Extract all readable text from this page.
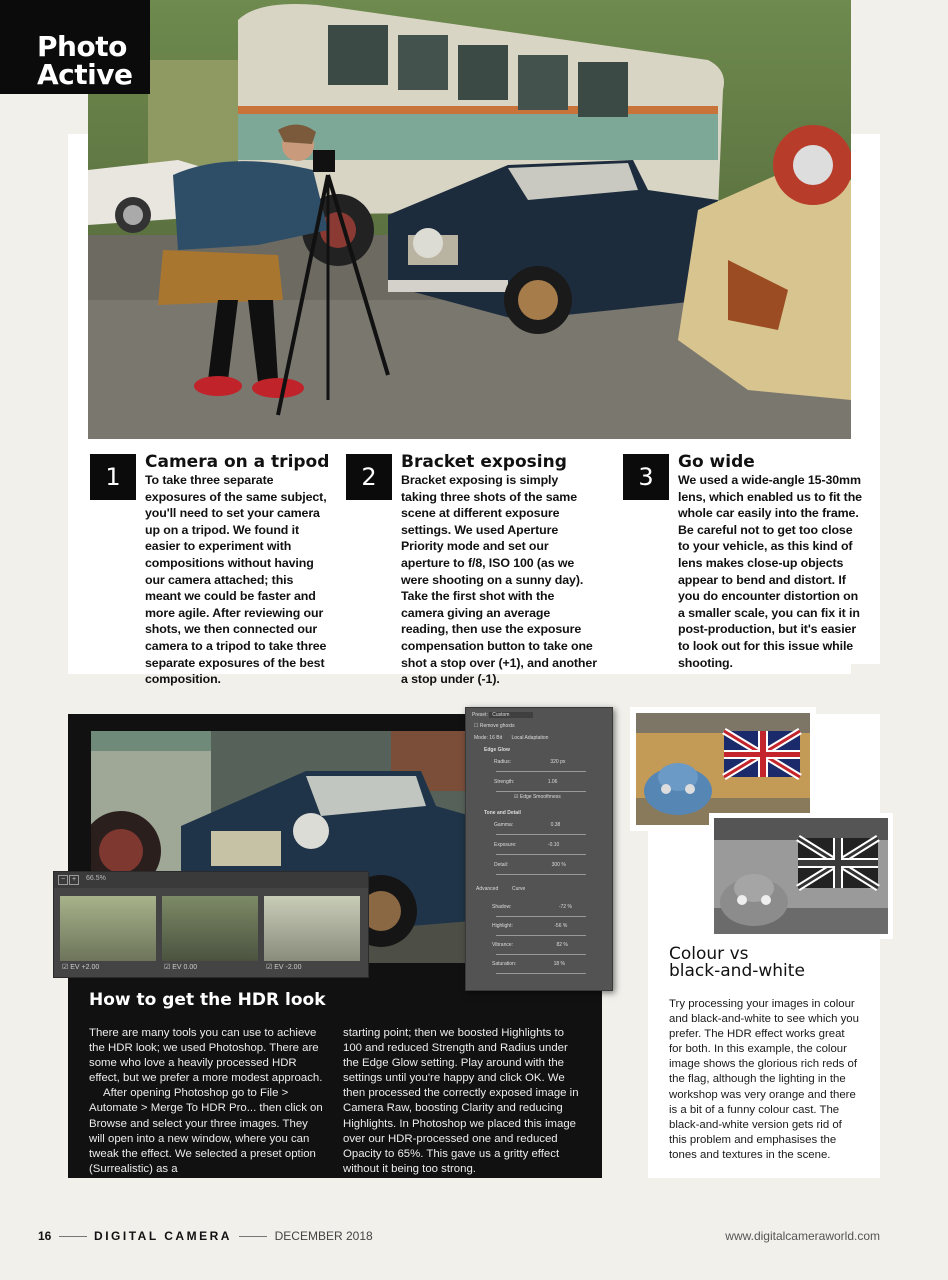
Photo
Active
1
Camera on a tripod
To take three separate exposures of the same subject, you'll need to set your camera up on a tripod. We found it easier to experiment with compositions without having our camera attached; this meant we could be faster and more agile. After reviewing our shots, we then connected our camera to a tripod to take three separate exposures of the best composition.
2
Bracket exposing
Bracket exposing is simply taking three shots of the same scene at different exposure settings. We used Aperture Priority mode and set our aperture to f/8, ISO 100 (as we were shooting on a sunny day). Take the first shot with the camera giving an average reading, then use the exposure compensation button to take one shot a stop over (+1), and another a stop under (-1).
3
Go wide
We used a wide-angle 15-30mm lens, which enabled us to fit the whole car easily into the frame. Be careful not to get too close to your vehicle, as this kind of lens makes close-up objects appear to bend and distort. If you do encounter distortion on a smaller scale, you can fix it in post-production, but it's easier to look out for this issue while shooting.
Preset: Custom
☐ Remove ghosts
Mode: 16 Bit Local Adaptation
Edge Glow
Radius:	320 px
Strength:	1.06
☑ Edge Smoothness
Tone and Detail
Gamma:	0.38
Exposure:	-0.10
Detail:	300 %
Advanced	Curve
Shadow:	-72 %
Highlight:	-56 %
Vibrance:	82 %
Saturation:	18 %
− +	66.5%
☑ EV +2.00	☑ EV 0.00	☑ EV -2.00
How to get the HDR look
There are many tools you can use to achieve the HDR look; we used Photoshop. There are some who love a heavily processed HDR effect, but we prefer a more modest approach.
After opening Photoshop go to File > Automate > Merge To HDR Pro... then click on Browse and select your three images. They will open into a new window, where you can tweak the effect. We selected a preset option (Surrealistic) as a
starting point; then we boosted Highlights to 100 and reduced Strength and Radius under the Edge Glow setting. Play around with the settings until you're happy and click OK. We then processed the correctly exposed image in Camera Raw, boosting Clarity and reducing Highlights. In Photoshop we placed this image over our HDR-processed one and reduced Opacity to 65%. This gave us a gritty effect without it being too strong.
Colour vs
black-and-white
Try processing your images in colour and black-and-white to see which you prefer. The HDR effect works great for both. In this example, the colour image shows the glorious rich reds of the flag, although the lighting in the workshop was very orange and there is a bit of a funny colour cast. The black-and-white version gets rid of this problem and emphasises the tones and textures in the scene.
16	DIGITAL CAMERA	DECEMBER 2018	www.digitalcameraworld.com
